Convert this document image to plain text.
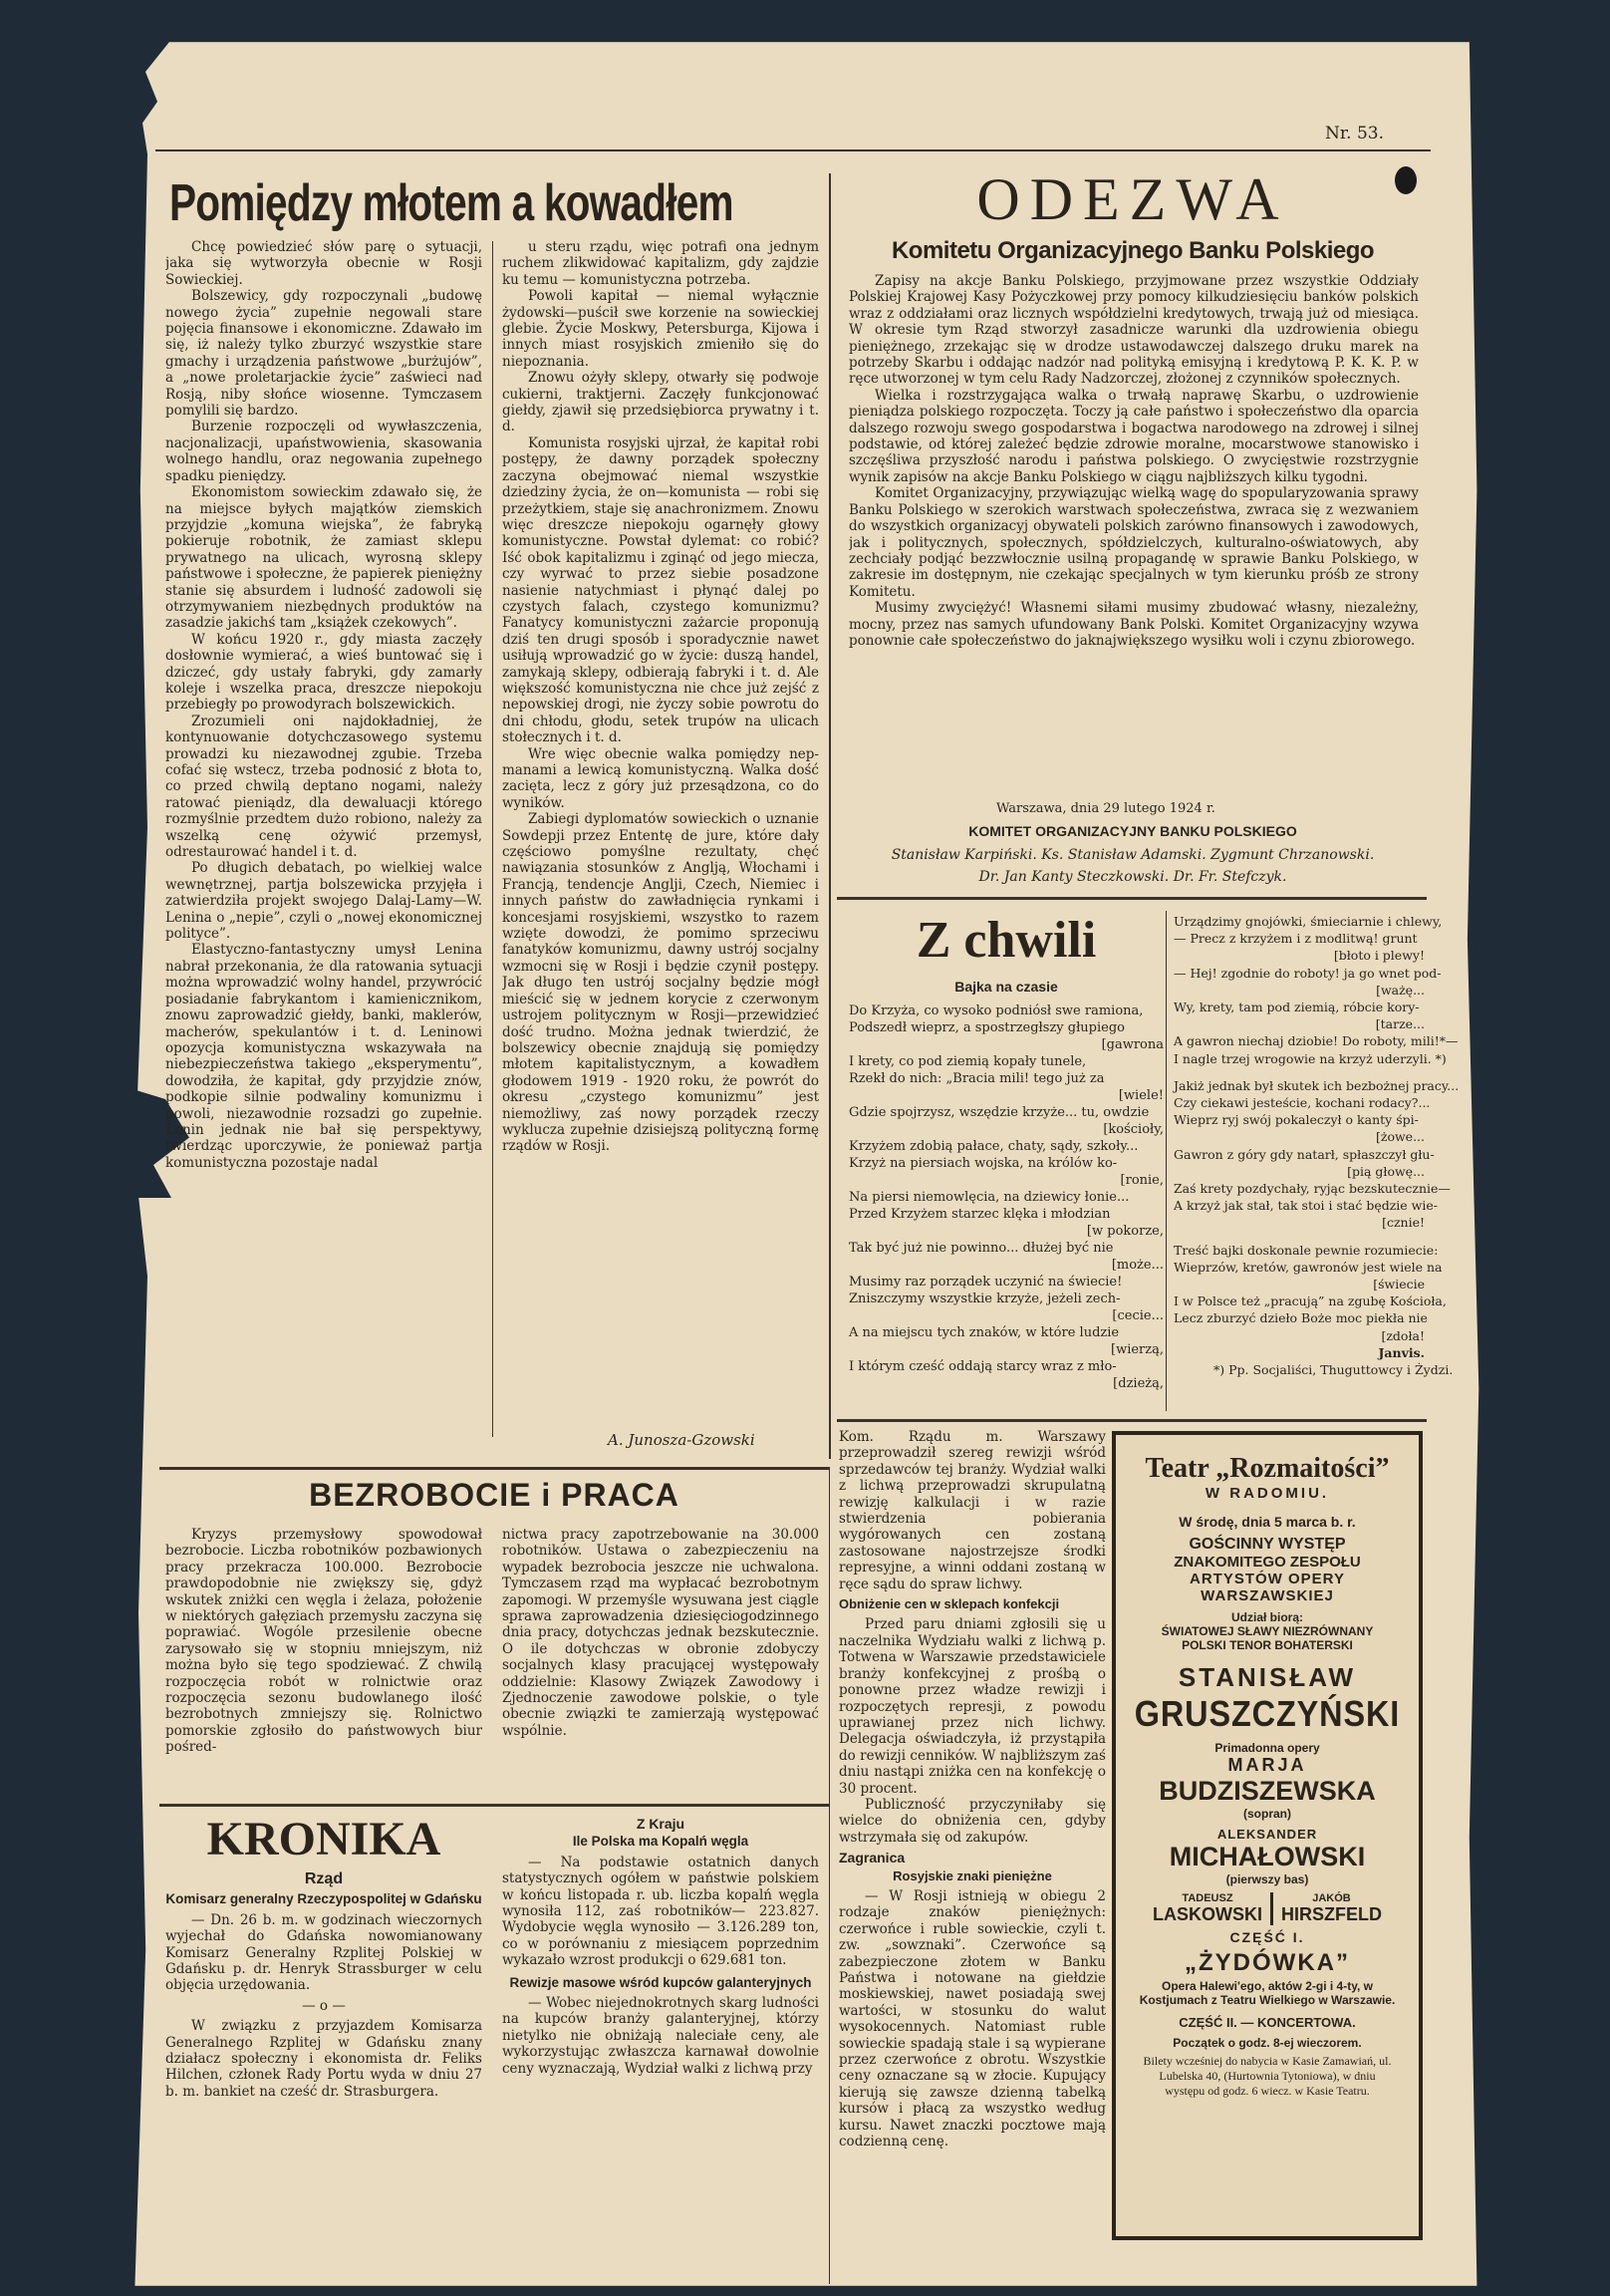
Nr. 53.
Pomiędzy młotem a kowadłem

Chcę powiedzieć słów parę o sytuacji, jaka się wytworzyła obecnie w Rosji Sowieckiej.

Bolszewicy, gdy rozpoczynali „budowę nowego życia” zupełnie negowali stare pojęcia finansowe i ekonomiczne. Zdawało im się, iż należy tylko zburzyć wszystkie stare gmachy i urządzenia państwowe „burżujów”, a „nowe proletarjackie życie” zaświeci nad Rosją, niby słońce wiosenne. Tymczasem pomylili się bardzo.

Burzenie rozpoczęli od wywłaszczenia, nacjonalizacji, upaństwowienia, skasowania wolnego handlu, oraz negowania zupełnego spadku pieniędzy.

Ekonomistom sowieckim zdawało się, że na miejsce byłych majątków ziemskich przyjdzie „komuna wiejska”, że fabryką pokieruje robotnik, że zamiast sklepu prywatnego na ulicach, wyrosną sklepy państwowe i społeczne, że papierek pieniężny stanie się absurdem i ludność zadowoli się otrzymywaniem niezbędnych produktów na zasadzie jakichś tam „książek czekowych”.

W końcu 1920 r., gdy miasta zaczęły dosłownie wymierać, a wieś buntować się i dziczeć, gdy ustały fabryki, gdy zamarły koleje i wszelka praca, dreszcze niepokoju przebiegły po prowodyrach bolszewickich.

Zrozumieli oni najdokładniej, że kontynuowanie dotychczasowego systemu prowadzi ku niezawodnej zgubie. Trzeba cofać się wstecz, trzeba podnosić z błota to, co przed chwilą deptano nogami, należy ratować pieniądz, dla dewaluacji którego rozmyślnie przedtem dużo robiono, należy za wszelką cenę ożywić przemysł, odrestaurować handel i t. d.

Po długich debatach, po wielkiej walce wewnętrznej, partja bolszewicka przyjęła i zatwierdziła projekt swojego Dalaj-Lamy—W. Lenina o „nepie”, czyli o „nowej ekonomicznej polityce”.

Elastyczno-fantastyczny umysł Lenina nabrał przekonania, że dla ratowania sytuacji można wprowadzić wolny handel, przywrócić posiadanie fabrykantom i kamienicznikom, znowu zaprowadzić giełdy, banki, maklerów, macherów, spekulantów i t. d. Leninowi opozycja komunistyczna wskazywała na niebezpieczeństwa takiego „eksperymentu”, dowodziła, że kapitał, gdy przyjdzie znów, podkopie silnie podwaliny komunizmu i powoli, niezawodnie rozsadzi go zupełnie. Lenin jednak nie bał się perspektywy, twierdząc uporczywie, że ponieważ partja komunistyczna pozostaje nadal

u steru rządu, więc potrafi ona jednym ruchem zlikwidować kapitalizm, gdy zajdzie ku temu — komunistyczna potrzeba.

Powoli kapitał — niemal wyłącznie żydowski—puścił swe korzenie na sowieckiej glebie. Życie Moskwy, Petersburga, Kijowa i innych miast rosyjskich zmieniło się do niepoznania.

Znowu ożyły sklepy, otwarły się podwoje cukierni, traktjerni. Zaczęły funkcjonować giełdy, zjawił się przedsiębiorca prywatny i t. d.

Komunista rosyjski ujrzał, że kapitał robi postępy, że dawny porządek społeczny zaczyna obejmować niemal wszystkie dziedziny życia, że on—komunista — robi się przeżytkiem, staje się anachronizmem. Znowu więc dreszcze niepokoju ogarnęły głowy komunistyczne. Powstał dylemat: co robić? Iść obok kapitalizmu i zginąć od jego miecza, czy wyrwać to przez siebie posadzone nasienie natychmiast i płynąć dalej po czystych falach, czystego komunizmu? Fanatycy komunistyczni zażarcie proponują dziś ten drugi sposób i sporadycznie nawet usiłują wprowadzić go w życie: duszą handel, zamykają sklepy, odbierają fabryki i t. d. Ale większość komunistyczna nie chce już zejść z nepowskiej drogi, nie życzy sobie powrotu do dni chłodu, głodu, setek trupów na ulicach stołecznych i t. d.

Wre więc obecnie walka pomiędzy nep-manami a lewicą komunistyczną. Walka dość zacięta, lecz z góry już przesądzona, co do wyników.

Zabiegi dyplomatów sowieckich o uznanie Sowdepji przez Ententę de jure, które dały częściowo pomyślne rezultaty, chęć nawiązania stosunków z Anglją, Włochami i Francją, tendencje Anglji, Czech, Niemiec i innych państw do zawładnięcia rynkami i koncesjami rosyjskiemi, wszystko to razem wzięte dowodzi, że pomimo sprzeciwu fanatyków komunizmu, dawny ustrój socjalny wzmocni się w Rosji i będzie czynił postępy. Jak długo ten ustrój socjalny będzie mógł mieścić się w jednem korycie z czerwonym ustrojem politycznym w Rosji—przewidzieć dość trudno. Można jednak twierdzić, że bolszewicy obecnie znajdują się pomiędzy młotem kapitalistycznym, a kowadłem głodowem 1919 - 1920 roku, że powrót do okresu „czystego komunizmu” jest niemożliwy, zaś nowy porządek rzeczy wyklucza zupełnie dzisiejszą polityczną formę rządów w Rosji.

A. Junosza-Gzowski
ODEZWA
Komitetu Organizacyjnego Banku Polskiego

Zapisy na akcje Banku Polskiego, przyjmowane przez wszystkie Oddziały Polskiej Krajowej Kasy Pożyczkowej przy pomocy kilkudziesięciu banków polskich wraz z oddziałami oraz licznych współdzielni kredytowych, trwają już od miesiąca. W okresie tym Rząd stworzył zasadnicze warunki dla uzdrowienia obiegu pieniężnego, zrzekając się w drodze ustawodawczej dalszego druku marek na potrzeby Skarbu i oddając nadzór nad polityką emisyjną i kredytową P. K. K. P. w ręce utworzonej w tym celu Rady Nadzorczej, złożonej z czynników społecznych.

Wielka i rozstrzygająca walka o trwałą naprawę Skarbu, o uzdrowienie pieniądza polskiego rozpoczęta. Toczy ją całe państwo i społeczeństwo dla oparcia dalszego rozwoju swego gospodarstwa i bogactwa narodowego na zdrowej i silnej podstawie, od której zależeć będzie zdrowie moralne, mocarstwowe stanowisko i szczęśliwa przyszłość narodu i państwa polskiego. O zwycięstwie rozstrzygnie wynik zapisów na akcje Banku Polskiego w ciągu najbliższych kilku tygodni.

Komitet Organizacyjny, przywiązując wielką wagę do spopularyzowania sprawy Banku Polskiego w szerokich warstwach społeczeństwa, zwraca się z wezwaniem do wszystkich organizacyj obywateli polskich zarówno finansowych i zawodowych, jak i politycznych, społecznych, spółdzielczych, kulturalno-oświatowych, aby zechciały podjąć bezzwłocznie usilną propagandę w sprawie Banku Polskiego, w zakresie im dostępnym, nie czekając specjalnych w tym kierunku próśb ze strony Komitetu.

Musimy zwyciężyć! Własnemi siłami musimy zbudować własny, niezależny, mocny, przez nas samych ufundowany Bank Polski. Komitet Organizacyjny wzywa ponownie całe społeczeństwo do jaknajwiększego wysiłku woli i czynu zbiorowego.

Warszawa, dnia 29 lutego 1924 r.
KOMITET ORGANIZACYJNY BANKU POLSKIEGO
Stanisław Karpiński. Ks. Stanisław Adamski. Zygmunt Chrzanowski.
Dr. Jan Kanty Steczkowski. Dr. Fr. Stefczyk.
Z chwili
Bajka na czasie
Do Krzyża, co wysoko podniósł swe ramiona,
Podszedł wieprz, a spostrzegłszy głupiego
[gawrona
I krety, co pod ziemią kopały tunele,
Rzekł do nich: „Bracia mili! tego już za
[wiele!
Gdzie spojrzysz, wszędzie krzyże... tu, owdzie
[kościoły,
Krzyżem zdobią pałace, chaty, sądy, szkoły...
Krzyż na piersiach wojska, na królów ko-
[ronie,
Na piersi niemowlęcia, na dziewicy łonie...
Przed Krzyżem starzec klęka i młodzian
[w pokorze,
Tak być już nie powinno... dłużej być nie
[może...
Musimy raz porządek uczynić na świecie!
Zniszczymy wszystkie krzyże, jeżeli zech-
[cecie...
A na miejscu tych znaków, w które ludzie
[wierzą,
I którym cześć oddają starcy wraz z mło-
[dzieżą,
Urządzimy gnojówki, śmieciarnie i chlewy,
— Precz z krzyżem i z modlitwą! grunt
[błoto i plewy!
— Hej! zgodnie do roboty! ja go wnet pod-
[ważę...
Wy, krety, tam pod ziemią, róbcie kory-
[tarze...
A gawron niechaj dziobie! Do roboty, mili!*—
I nagle trzej wrogowie na krzyż uderzyli. *)
Jakiż jednak był skutek ich bezbożnej pracy...
Czy ciekawi jesteście, kochani rodacy?...
Wieprz ryj swój pokaleczył o kanty śpi-
[żowe...
Gawron z góry gdy natarł, spłaszczył głu-
[pią głowę...
Zaś krety pozdychały, ryjąc bezskutecznie—
A krzyż jak stał, tak stoi i stać będzie wie-
[cznie!
Treść bajki doskonale pewnie rozumiecie:
Wieprzów, kretów, gawronów jest wiele na
[świecie
I w Polsce też „pracują” na zgubę Kościoła,
Lecz zburzyć dzieło Boże moc piekła nie
[zdoła!
Janvis.
*) Pp. Socjaliści, Thuguttowcy i Żydzi.
BEZROBOCIE i PRACA

Kryzys przemysłowy spowodował bezrobocie. Liczba robotników pozbawionych pracy przekracza 100.000. Bezrobocie prawdopodobnie nie zwiększy się, gdyż wskutek zniżki cen węgla i żelaza, położenie w niektórych gałęziach przemysłu zaczyna się poprawiać. Wogóle przesilenie obecne zarysowało się w stopniu mniejszym, niż można było się tego spodziewać. Z chwilą rozpoczęcia robót w rolnictwie oraz rozpoczęcia sezonu budowlanego ilość bezrobotnych zmniejszy się. Rolnictwo pomorskie zgłosiło do państwowych biur pośred-

nictwa pracy zapotrzebowanie na 30.000 robotników. Ustawa o zabezpieczeniu na wypadek bezrobocia jeszcze nie uchwalona. Tymczasem rząd ma wypłacać bezrobotnym zapomogi. W przemyśle wysuwana jest ciągle sprawa zaprowadzenia dziesięciogodzinnego dnia pracy, dotychczas jednak bezskutecznie. O ile dotychczas w obronie zdobyczy socjalnych klasy pracującej występowały oddzielnie: Klasowy Związek Zawodowy i Zjednoczenie zawodowe polskie, o tyle obecnie związki te zamierzają występować wspólnie.

KRONIKA
Rząd
Komisarz generalny Rzeczypospolitej w Gdańsku

— Dn. 26 b. m. w godzinach wieczornych wyjechał do Gdańska nowomianowany Komisarz Generalny Rzplitej Polskiej w Gdańsku p. dr. Henryk Strassburger w celu objęcia urzędowania.

— o —

W związku z przyjazdem Komisarza Generalnego Rzplitej w Gdańsku znany działacz społeczny i ekonomista dr. Feliks Hilchen, członek Rady Portu wyda w dniu 27 b. m. bankiet na cześć dr. Strasburgera.

Z Kraju
Ile Polska ma Kopalń węgla

— Na podstawie ostatnich danych statystycznych ogółem w państwie polskiem w końcu listopada r. ub. liczba kopalń węgla wynosiła 112, zaś robotników— 223.827. Wydobycie węgla wynosiło — 3.126.289 ton, co w porównaniu z miesiącem poprzednim wykazało wzrost produkcji o 629.681 ton.

Rewizje masowe wśród kupców galanteryjnych

— Wobec niejednokrotnych skarg ludności na kupców branży galanteryjnej, którzy nietylko nie obniżają naleciałe ceny, ale wykorzystując zwłaszcza karnawał dowolnie ceny wyznaczają, Wydział walki z lichwą przy

Kom. Rządu m. Warszawy przeprowadził szereg rewizji wśród sprzedawców tej branży. Wydział walki z lichwą przeprowadzi skrupulatną rewizję kalkulacji i w razie stwierdzenia pobierania wygórowanych cen zostaną zastosowane najostrzejsze środki represyjne, a winni oddani zostaną w ręce sądu do spraw lichwy.

Obniżenie cen w sklepach konfekcji

Przed paru dniami zgłosili się u naczelnika Wydziału walki z lichwą p. Totwena w Warszawie przedstawiciele branży konfekcyjnej z prośbą o ponowne przez władze rewizji i rozpoczętych represji, z powodu uprawianej przez nich lichwy. Delegacja oświadczyła, iż przystąpiła do rewizji cenników. W najbliższym zaś dniu nastąpi zniżka cen na konfekcję o 30 procent.

Publiczność przyczyniłaby się wielce do obniżenia cen, gdyby wstrzymała się od zakupów.

Zagranica
Rosyjskie znaki pieniężne

— W Rosji istnieją w obiegu 2 rodzaje znaków pieniężnych: czerwońce i ruble sowieckie, czyli t. zw. „sowznaki”. Czerwońce są zabezpieczone złotem w Banku Państwa i notowane na giełdzie moskiewskiej, nawet posiadają swej wartości, w stosunku do walut wysokocennych. Natomiast ruble sowieckie spadają stale i są wypierane przez czerwońce z obrotu. Wszystkie ceny oznaczane są w złocie. Kupujący kierują się zawsze dzienną tabelką kursów i płacą za wszystko według kursu. Nawet znaczki pocztowe mają codzienną cenę.

Teatr „Rozmaitości”
W RADOMIU.
W środę, dnia 5 marca b. r.
GOŚCINNY WYSTĘP
ZNAKOMITEGO ZESPOŁU
ARTYSTÓW OPERY
WARSZAWSKIEJ
Udział biorą:
ŚWIATOWEJ SŁAWY NIEZRÓWNANY
POLSKI TENOR BOHATERSKI
STANISŁAW
GRUSZCZYŃSKI
Primadonna opery
MARJA
BUDZISZEWSKA
(sopran)
ALEKSANDER
MICHAŁOWSKI
(pierwszy bas)
TADEUSZ
LASKOWSKI
JAKÓB
HIRSZFELD
CZĘŚĆ I.
„ŻYDÓWKA”
Opera Halewi'ego, aktów 2-gi i 4-ty, w Kostjumach z Teatru Wielkiego w Warszawie.
CZĘŚĆ II. — KONCERTOWA.
Początek o godz. 8-ej wieczorem.
Bilety wcześniej do nabycia w Kasie Zamawiań, ul. Lubelska 40, (Hurtownia Tytoniowa), w dniu występu od godz. 6 wiecz. w Kasie Teatru.
